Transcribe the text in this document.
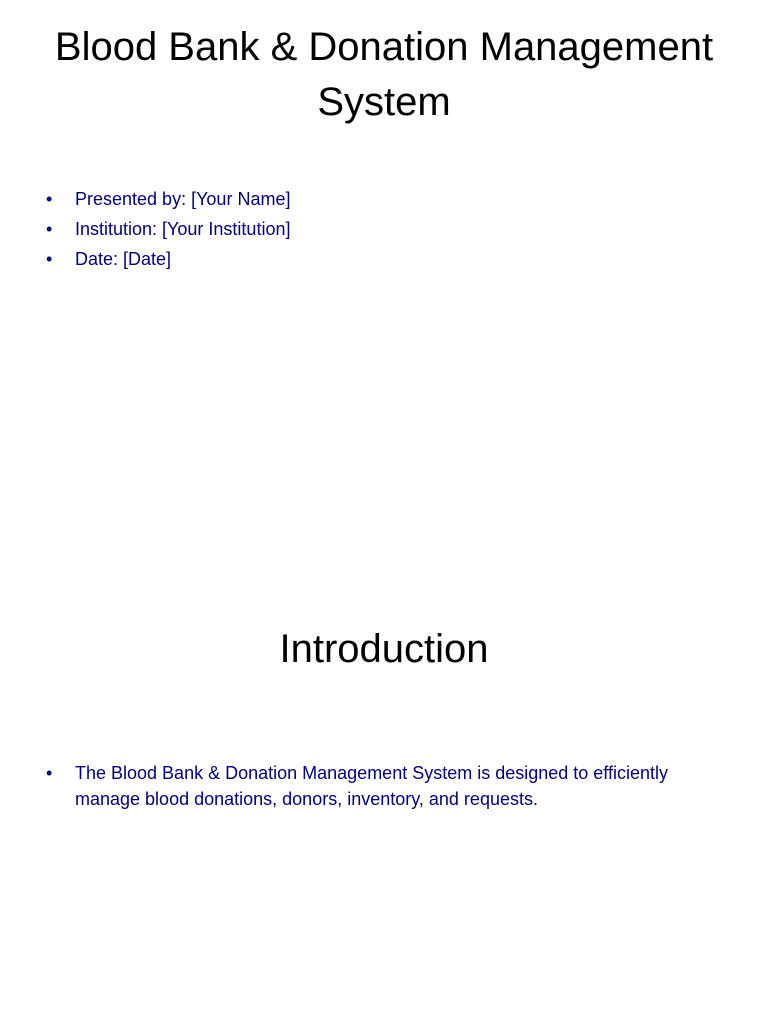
Blood Bank & Donation Management System
• Presented by: [Your Name]
• Institution: [Your Institution]
• Date: [Date]
Introduction
• The Blood Bank & Donation Management System is designed to efficiently manage blood donations, donors, inventory, and requests.
